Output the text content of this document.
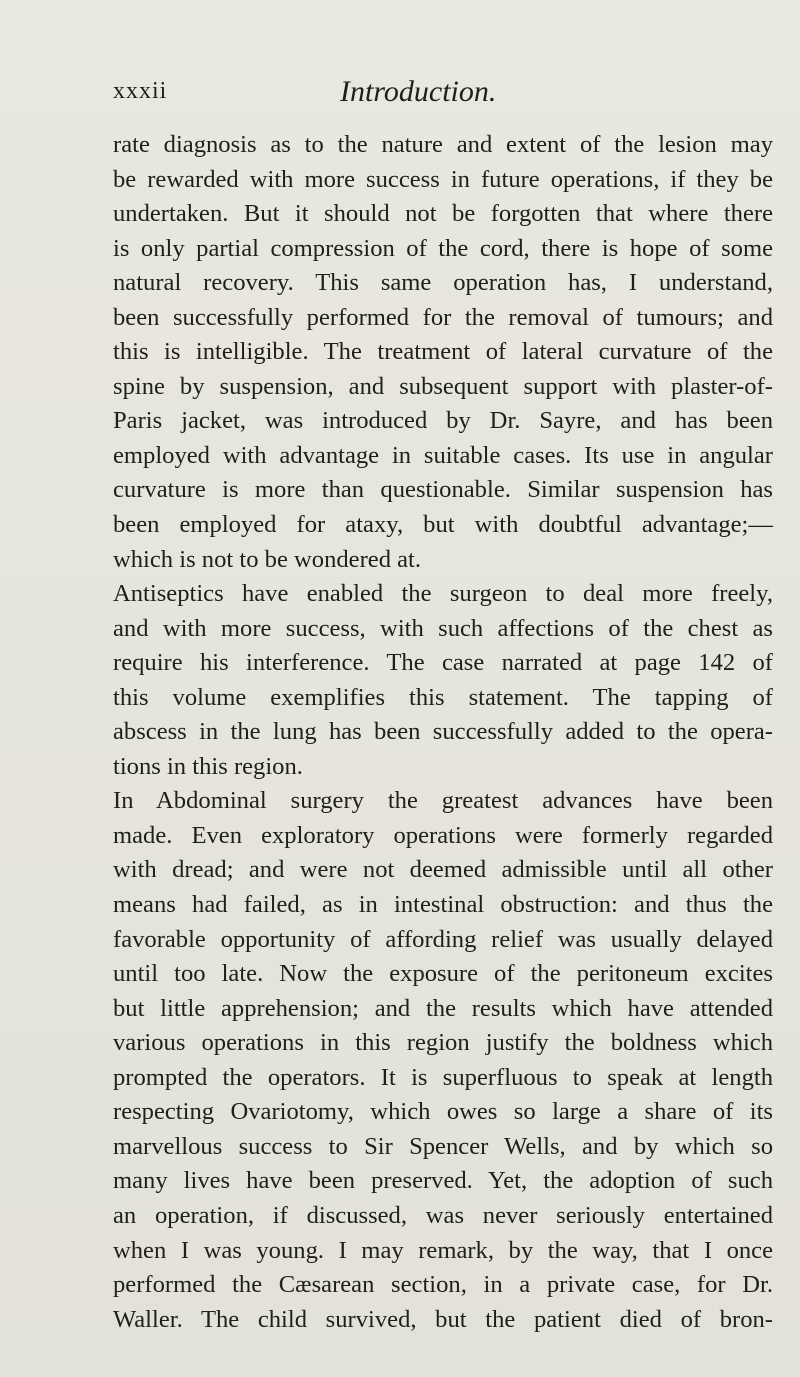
xxxii	Introduction.
rate diagnosis as to the nature and extent of the lesion may
be rewarded with more success in future operations, if they be
undertaken. But it should not be forgotten that where there
is only partial compression of the cord, there is hope of some
natural recovery. This same operation has, I understand,
been successfully performed for the removal of tumours; and
this is intelligible. The treatment of lateral curvature of the
spine by suspension, and subsequent support with plaster-of-
Paris jacket, was introduced by Dr. Sayre, and has been
employed with advantage in suitable cases. Its use in angular
curvature is more than questionable. Similar suspension has
been employed for ataxy, but with doubtful advantage;—
which is not to be wondered at.
Antiseptics have enabled the surgeon to deal more freely,
and with more success, with such affections of the chest as
require his interference. The case narrated at page 142 of
this volume exemplifies this statement. The tapping of
abscess in the lung has been successfully added to the opera-
tions in this region.
In Abdominal surgery the greatest advances have been
made. Even exploratory operations were formerly regarded
with dread; and were not deemed admissible until all other
means had failed, as in intestinal obstruction: and thus the
favorable opportunity of affording relief was usually delayed
until too late. Now the exposure of the peritoneum excites
but little apprehension; and the results which have attended
various operations in this region justify the boldness which
prompted the operators. It is superfluous to speak at length
respecting Ovariotomy, which owes so large a share of its
marvellous success to Sir Spencer Wells, and by which so
many lives have been preserved. Yet, the adoption of such
an operation, if discussed, was never seriously entertained
when I was young. I may remark, by the way, that I once
performed the Cæsarean section, in a private case, for Dr.
Waller. The child survived, but the patient died of bron-
